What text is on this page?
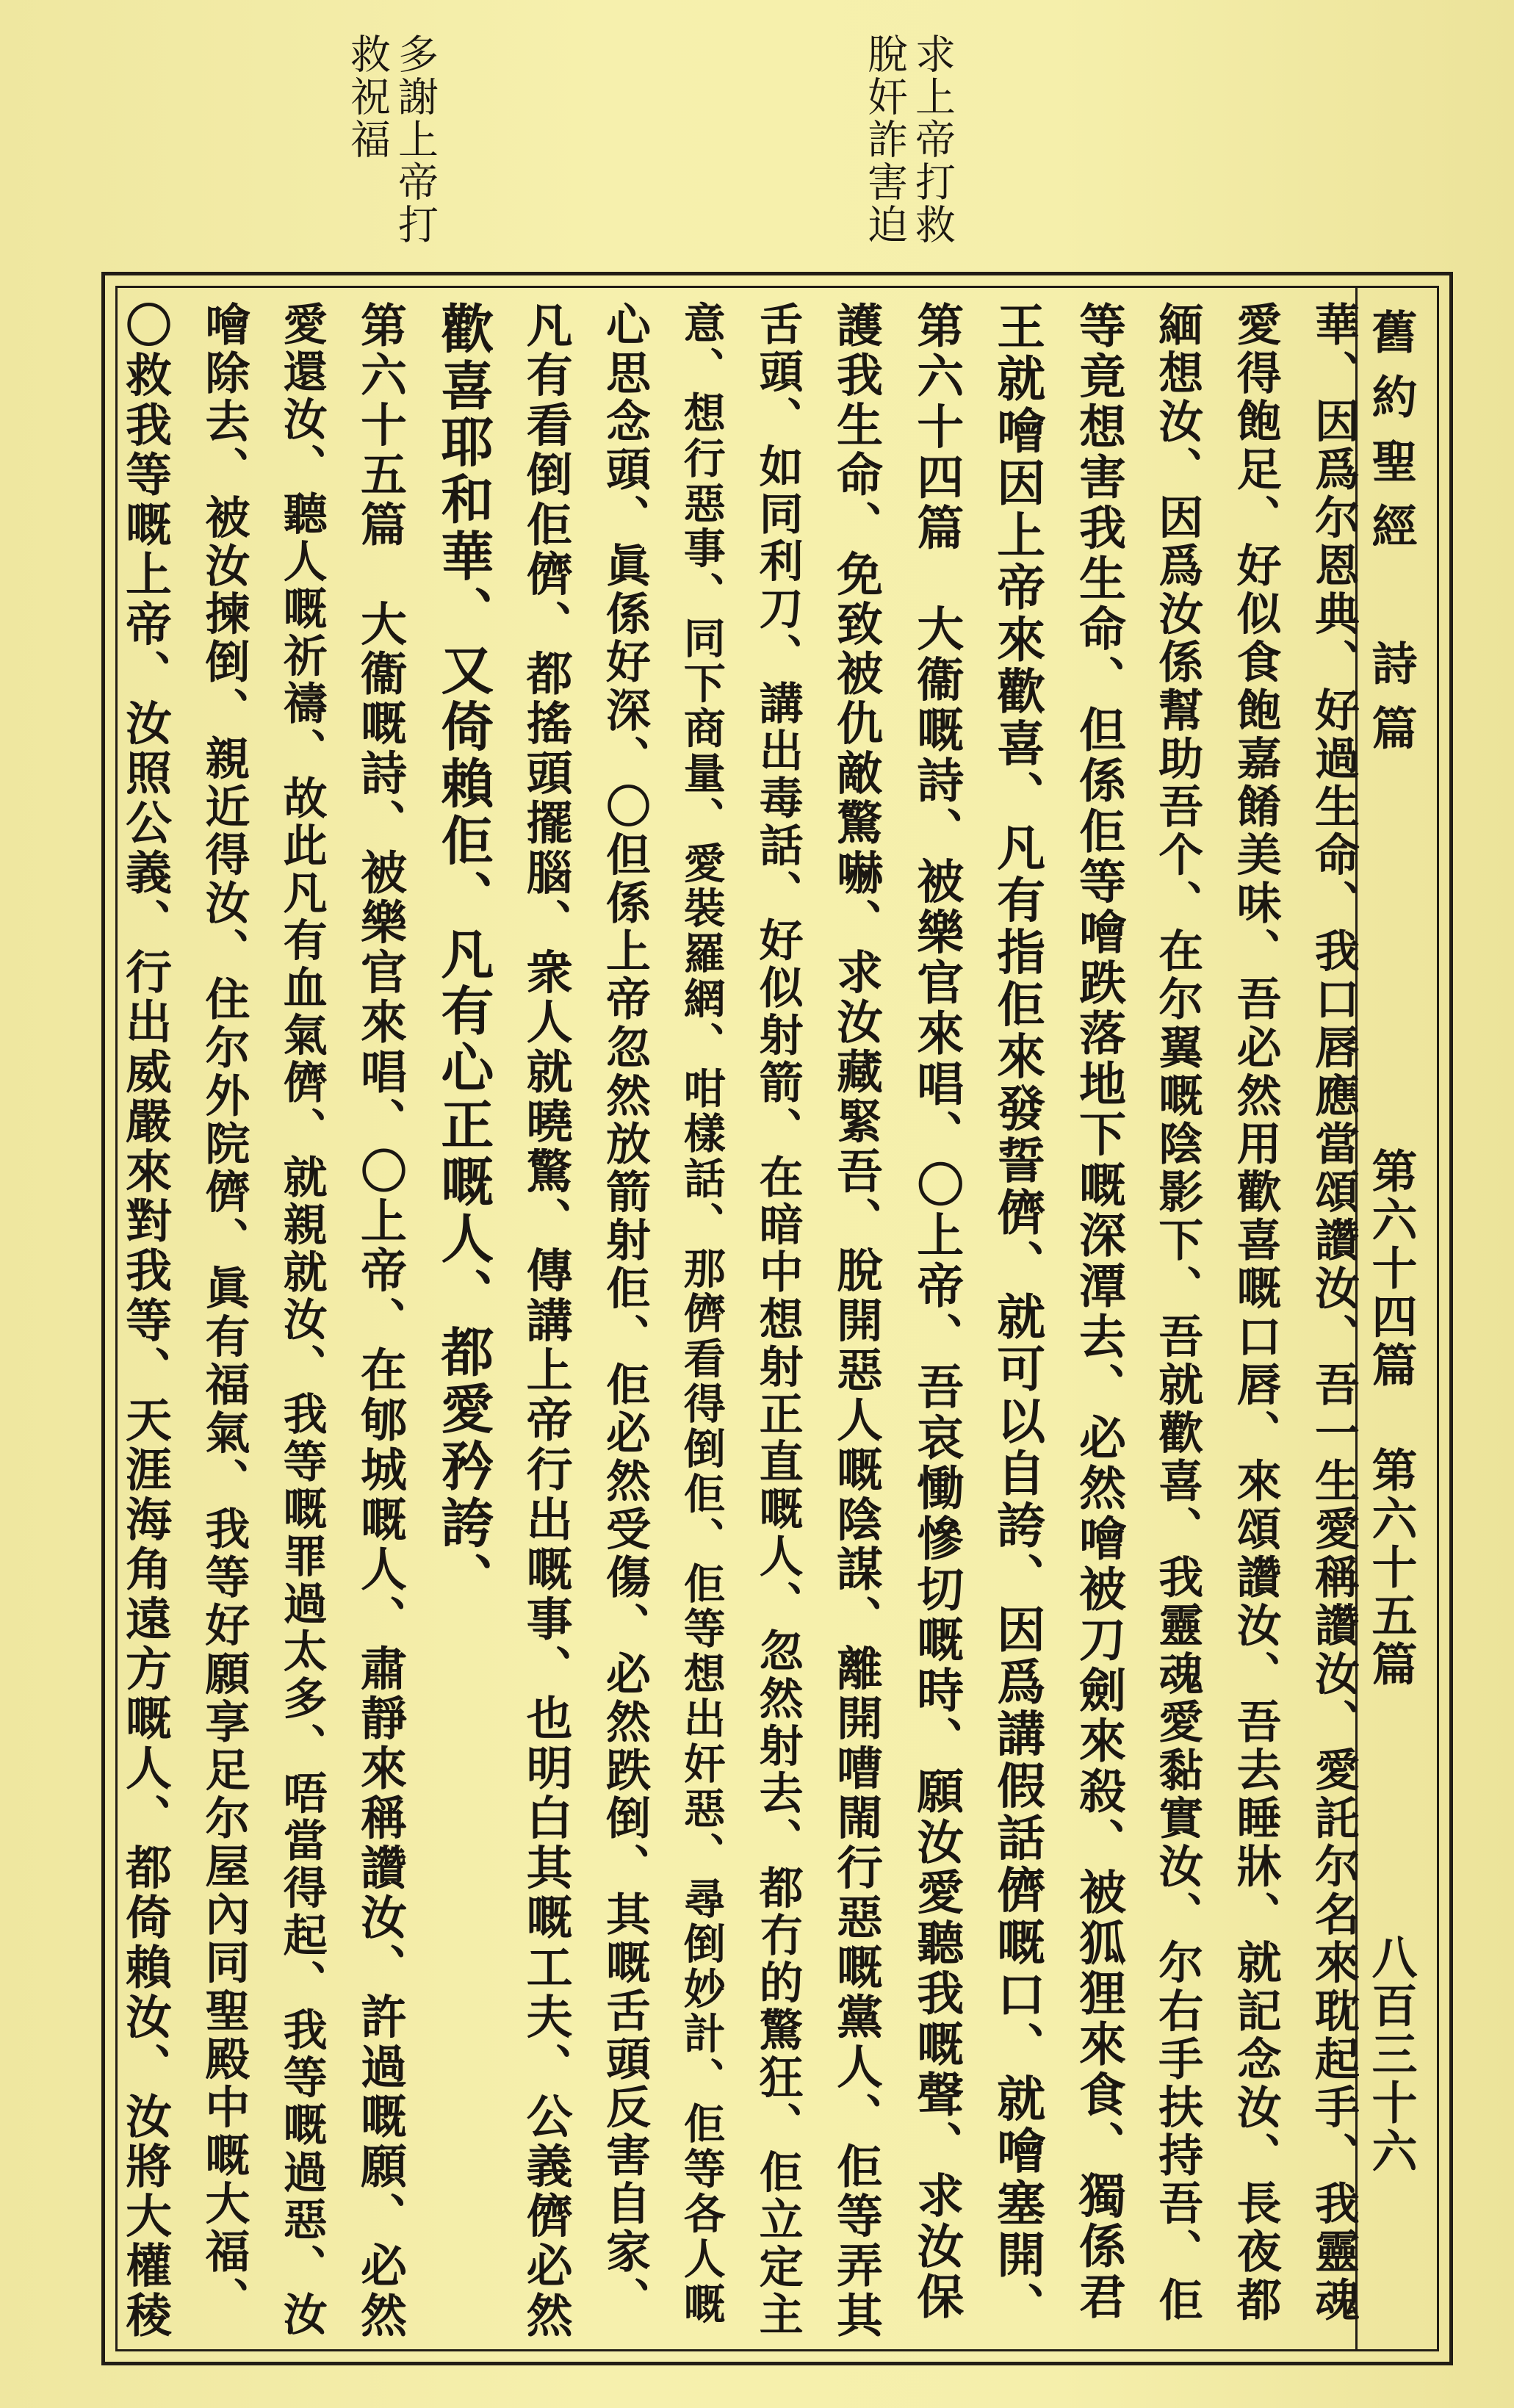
求上帝打救
脫奸詐害迫
多謝上帝打
救祝福
舊約聖經 詩篇
第六十四篇 第六十五篇
八百三十六
華、因爲尔恩典、好過生命、我口唇應當頌讚汝、吾一生愛稱讚汝、愛託尔名來耽起手、我靈魂
愛得飽足、好似食飽嘉餚美味、吾必然用歡喜嘅口唇、來頌讚汝、吾去睡牀、就記念汝、長夜都
緬想汝、因爲汝係幫助吾个、在尔翼嘅陰影下、吾就歡喜、我靈魂愛黏實汝、尔右手扶持吾、佢
等竟想害我生命、但係佢等噲跌落地下嘅深潭去、必然噲被刀劍來殺、被狐狸來食、獨係君
王就噲因上帝來歡喜、凡有指佢來發誓儕、就可以自誇、因爲講假話儕嘅口、就噲塞開、
第六十四篇　大衞嘅詩、被樂官來唱、〇上帝、吾哀慟慘切嘅時、願汝愛聽我嘅聲、求汝保
護我生命、免致被仇敵驚嚇、求汝藏緊吾、脫開惡人嘅陰謀、離開嘈閙行惡嘅黨人、佢等弄其
舌頭、如同利刀、講出毒話、好似射箭、在暗中想射正直嘅人、忽然射去、都冇的驚狂、佢立定主
意、想行惡事、同下商量、愛裝羅網、咁樣話、那儕看得倒佢、佢等想出奸惡、尋倒妙計、佢等各人嘅
心思念頭、眞係好深、〇但係上帝忽然放箭射佢、佢必然受傷、必然跌倒、其嘅舌頭反害自家、
凡有看倒佢儕、都搖頭擺腦、衆人就曉驚、傳講上帝行出嘅事、也明白其嘅工夫、公義儕必然
歡喜耶和華、又倚賴佢、凡有心正嘅人、都愛矜誇、
第六十五篇　大衞嘅詩、被樂官來唱、〇上帝、在郇城嘅人、肅靜來稱讚汝、許過嘅願、必然
愛還汝、聽人嘅祈禱、故此凡有血氣儕、就親就汝、我等嘅罪過太多、唔當得起、我等嘅過惡、汝
噲除去、被汝揀倒、親近得汝、住尔外院儕、眞有福氣、我等好願享足尔屋內同聖殿中嘅大福、
〇救我等嘅上帝、汝照公義、行出威嚴來對我等、天涯海角遠方嘅人、都倚賴汝、汝將大權稜
